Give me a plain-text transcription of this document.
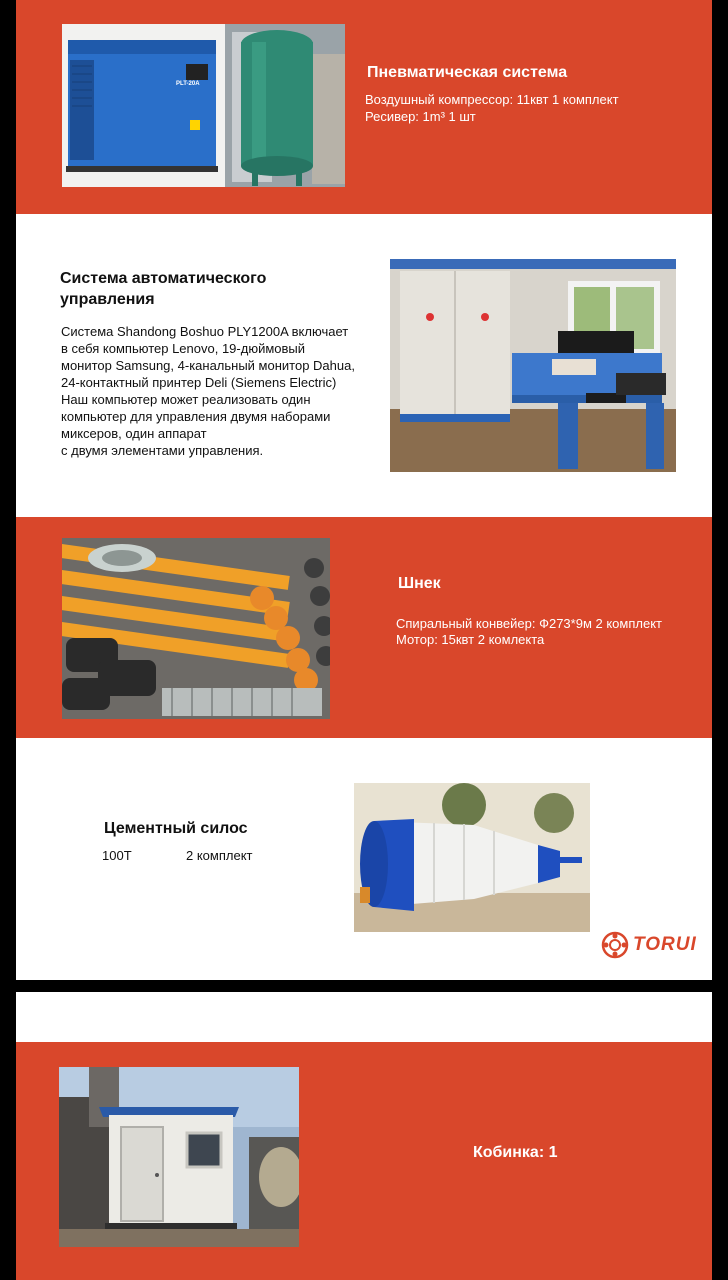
PLT-20A
Пневматическая система
Воздушный компрессор: 11квт 1 комплект
Ресивер: 1m³ 1 шт
Система автоматического управления
Система Shandong Boshuo PLY1200A включает
в себя компьютер Lenovo, 19-дюймовый
монитор Samsung, 4-канальный монитор Dahua,
24-контактный принтер Deli (Siemens Electric)
Наш компьютер может реализовать один
компьютер для управления двумя наборами
миксеров, один аппарат
с двумя элементами управления.
Шнек
Спиральный конвейер: Ф273*9м 2 комплект
Мотор: 15квт 2 комлекта
Цементный силос
100T	2 комплект
TORUI
Кобинка: 1
